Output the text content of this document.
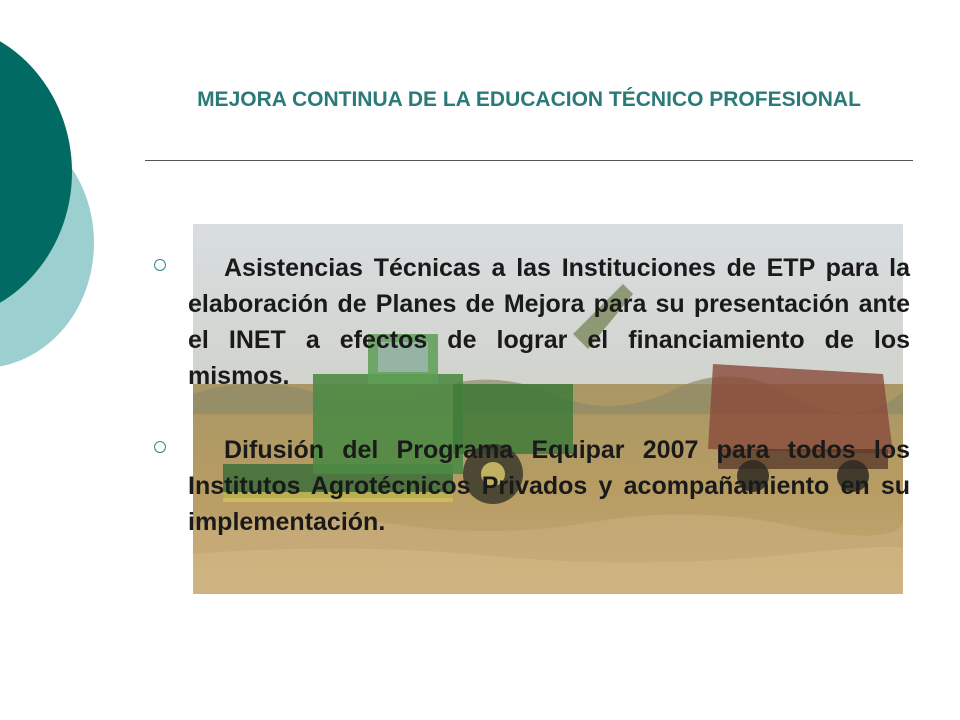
MEJORA CONTINUA DE LA EDUCACION TÉCNICO PROFESIONAL

Asistencias Técnicas a las Instituciones de ETP para la elaboración de Planes de Mejora para su presentación ante el INET a efectos de lograr el financiamiento de los mismos.

Difusión del Programa Equipar 2007 para todos los Institutos Agrotécnicos Privados y acompañamiento en su implementación.
